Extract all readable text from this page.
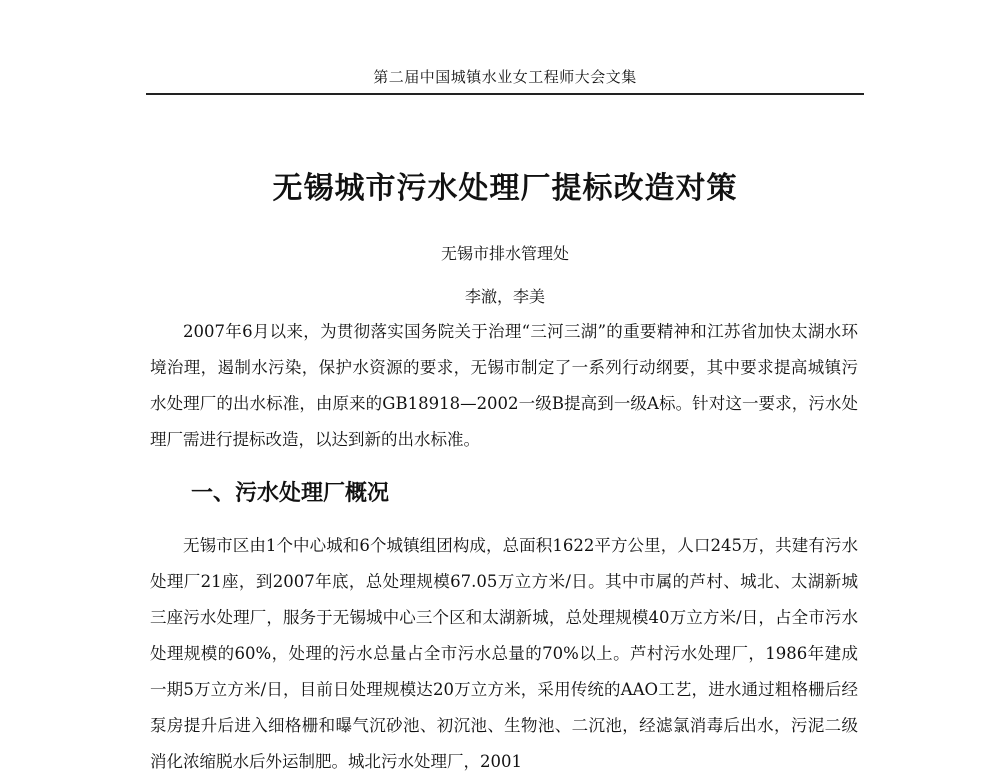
第二届中国城镇水业女工程师大会文集
无锡城市污水处理厂提标改造对策
无锡市排水管理处
李澈，李美
2007年6月以来，为贯彻落实国务院关于治理“三河三湖”的重要精神和江苏省加快太湖水环境治理，遏制水污染，保护水资源的要求，无锡市制定了一系列行动纲要，其中要求提高城镇污水处理厂的出水标准，由原来的GB18918—2002一级B提高到一级A标。针对这一要求，污水处理厂需进行提标改造，以达到新的出水标准。
一、污水处理厂概况
无锡市区由1个中心城和6个城镇组团构成，总面积1622平方公里，人口245万，共建有污水处理厂21座，到2007年底，总处理规模67.05万立方米/日。其中市属的芦村、城北、太湖新城三座污水处理厂，服务于无锡城中心三个区和太湖新城，总处理规模40万立方米/日，占全市污水处理规模的60%，处理的污水总量占全市污水总量的70%以上。芦村污水处理厂，1986年建成一期5万立方米/日，目前日处理规模达20万立方米，采用传统的AAO工艺，进水通过粗格栅后经泵房提升后进入细格栅和曝气沉砂池、初沉池、生物池、二沉池，经滤氯消毒后出水，污泥二级消化浓缩脱水后外运制肥。城北污水处理厂，2001
